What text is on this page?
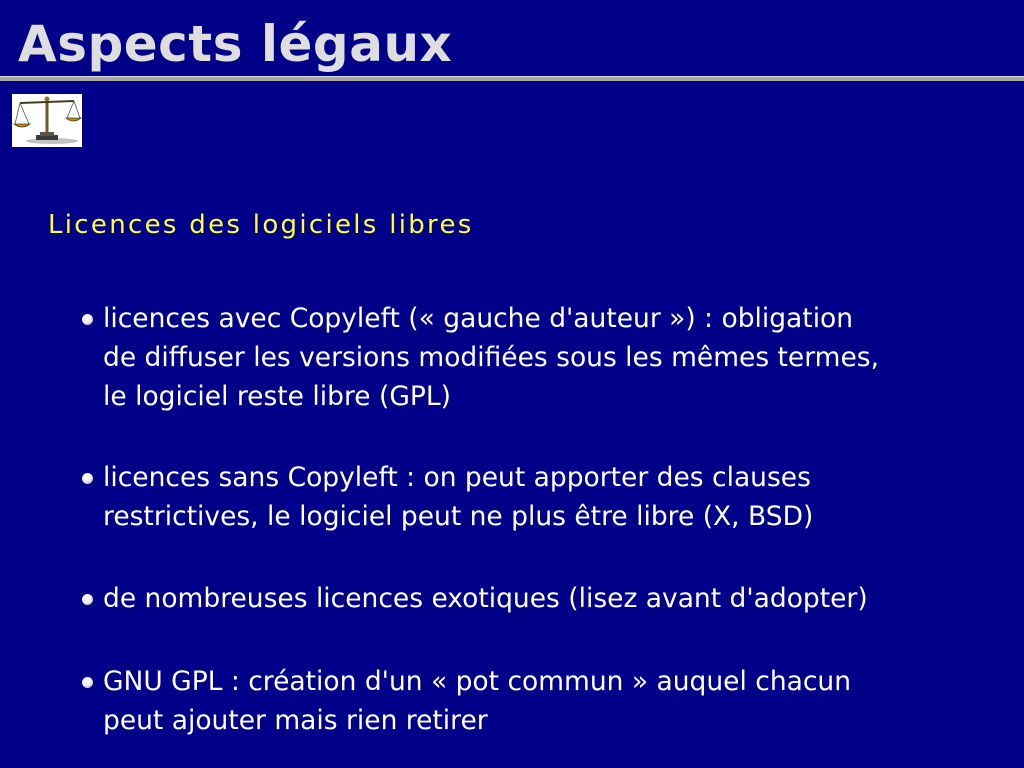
Aspects légaux
Licences des logiciels libres
licences avec Copyleft (« gauche d'auteur ») : obligation
de diffuser les versions modifiées sous les mêmes termes,
le logiciel reste libre (GPL)
licences sans Copyleft : on peut apporter des clauses
restrictives, le logiciel peut ne plus être libre (X, BSD)
de nombreuses licences exotiques (lisez avant d'adopter)
GNU GPL : création d'un « pot commun » auquel chacun
peut ajouter mais rien retirer
